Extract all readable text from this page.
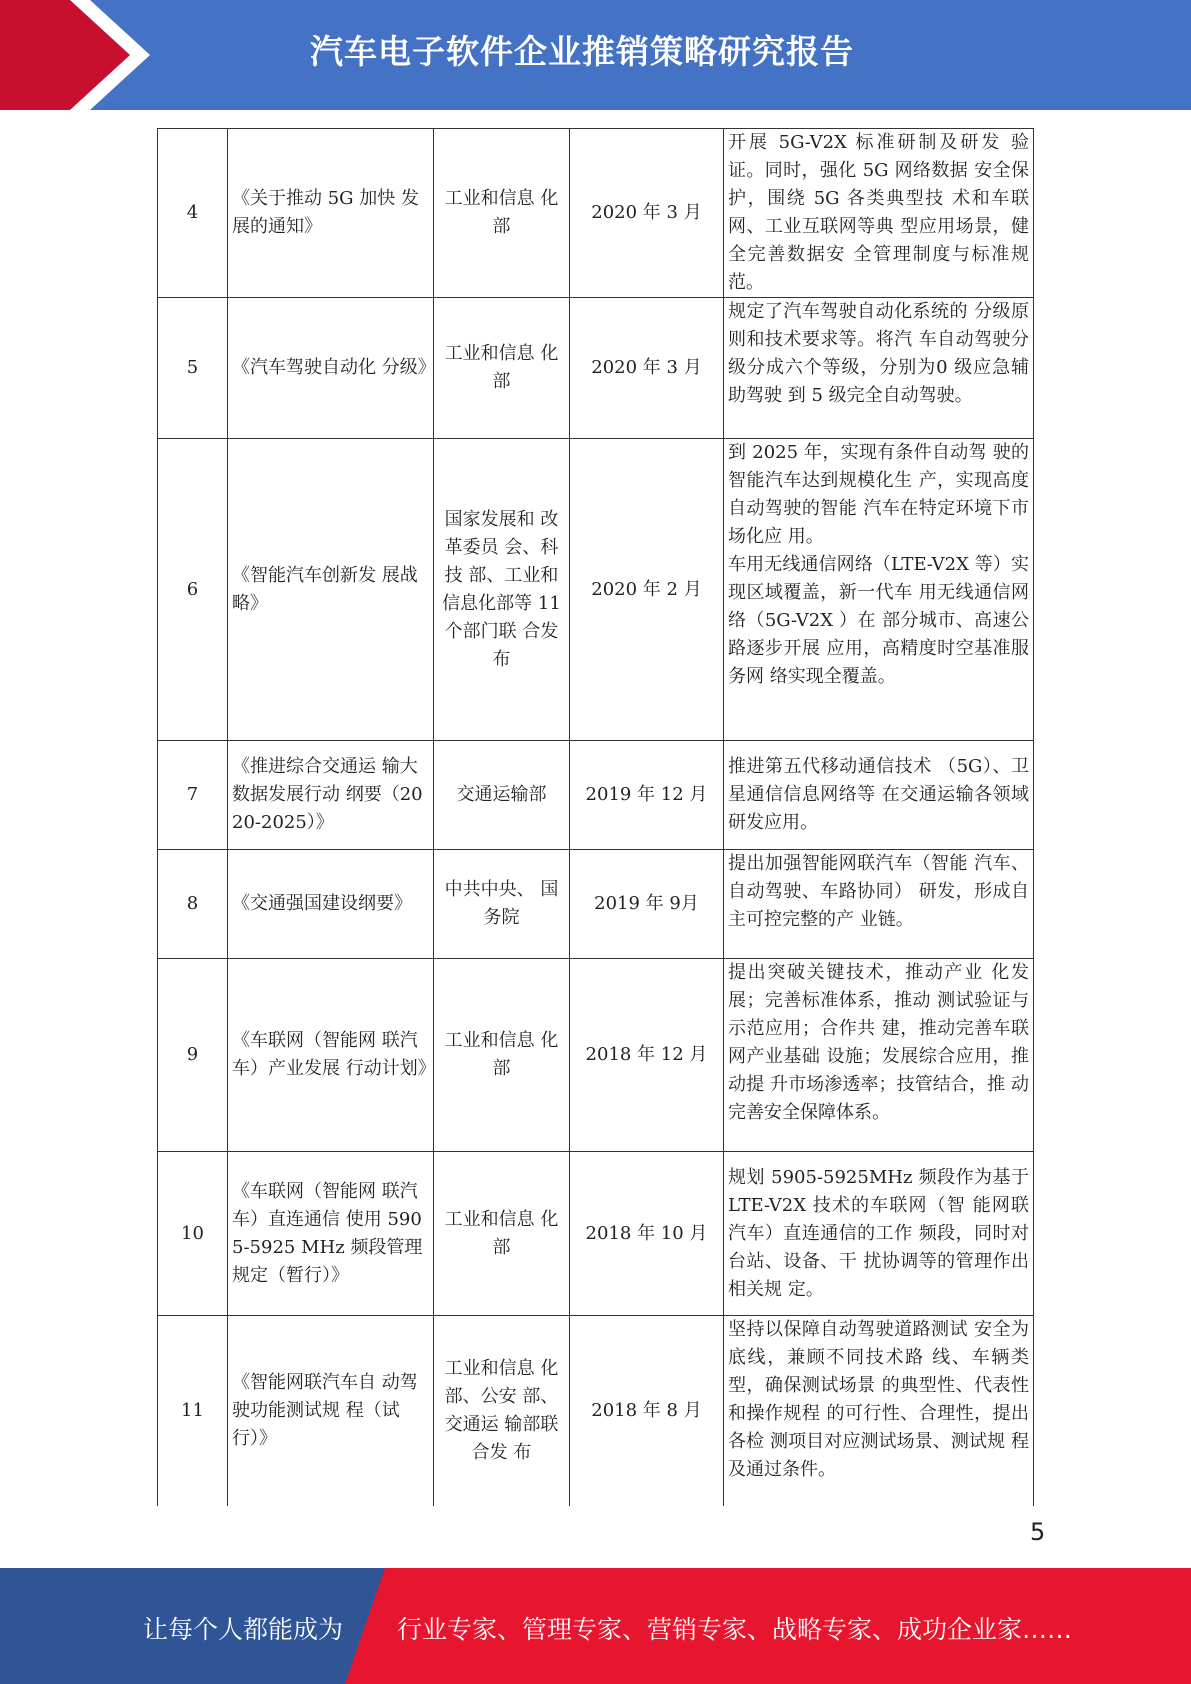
汽车电子软件企业推销策略研究报告
4	《关于推动 5G 加快 发展的通知》	工业和信息 化部	2020 年 3 月	开展 5G-V2X 标准研制及研发 验证。同时，强化 5G 网络数据 安全保护，围绕 5G 各类典型技 术和车联网、工业互联网等典 型应用场景，健全完善数据安 全管理制度与标准规范。

5	《汽车驾驶自动化 分级》	工业和信息 化部	2020 年 3 月	规定了汽车驾驶自动化系统的 分级原则和技术要求等。将汽 车自动驾驶分级分成六个等级，分别为0 级应急辅助驾驶 到 5 级完全自动驾驶。

6	《智能汽车创新发 展战略》	国家发展和 改革委员 会、科技 部、工业和信息化部等 11 个部门联 合发布	2020 年 2 月	到 2025 年，实现有条件自动驾 驶的智能汽车达到规模化生 产，实现高度自动驾驶的智能 汽车在特定环境下市场化应 用。
车用无线通信网络（LTE-V2X 等）实现区域覆盖，新一代车 用无线通信网络（5G-V2X ）在 部分城市、高速公路逐步开展 应用，高精度时空基准服务网 络实现全覆盖。

7	《推进综合交通运 输大数据发展行动 纲要（2020-2025）》	交通运输部	2019 年 12 月	推进第五代移动通信技术 （5G）、卫星通信信息网络等 在交通运输各领域研发应用。

8	《交通强国建设纲要》	中共中央、 国务院	2019 年 9月	提出加强智能网联汽车（智能 汽车、自动驾驶、车路协同） 研发，形成自主可控完整的产 业链。

9	《车联网（智能网 联汽车）产业发展 行动计划》	工业和信息 化部	2018 年 12 月	提出突破关键技术，推动产业 化发展；完善标准体系，推动 测试验证与示范应用；合作共 建，推动完善车联网产业基础 设施；发展综合应用，推动提 升市场渗透率；技管结合，推 动完善安全保障体系。

10	《车联网（智能网 联汽车）直连通信 使用 5905-5925 MHz 频段管理规定（暂行）》	工业和信息 化部	2018 年 10 月	规划 5905-5925MHz 频段作为基于 LTE-V2X 技术的车联网（智 能网联汽车）直连通信的工作 频段，同时对台站、设备、干 扰协调等的管理作出相关规 定。

11	《智能网联汽车自 动驾驶功能测试规 程（试行）》	工业和信息 化部、公安 部、交通运 输部联合发 布	2018 年 8 月	坚持以保障自动驾驶道路测试 安全为底线，兼顾不同技术路 线、车辆类型，确保测试场景 的典型性、代表性和操作规程 的可行性、合理性，提出各检 测项目对应测试场景、测试规 程及通过条件。
5
让每个人都能成为 行业专家、管理专家、营销专家、战略专家、成功企业家……
